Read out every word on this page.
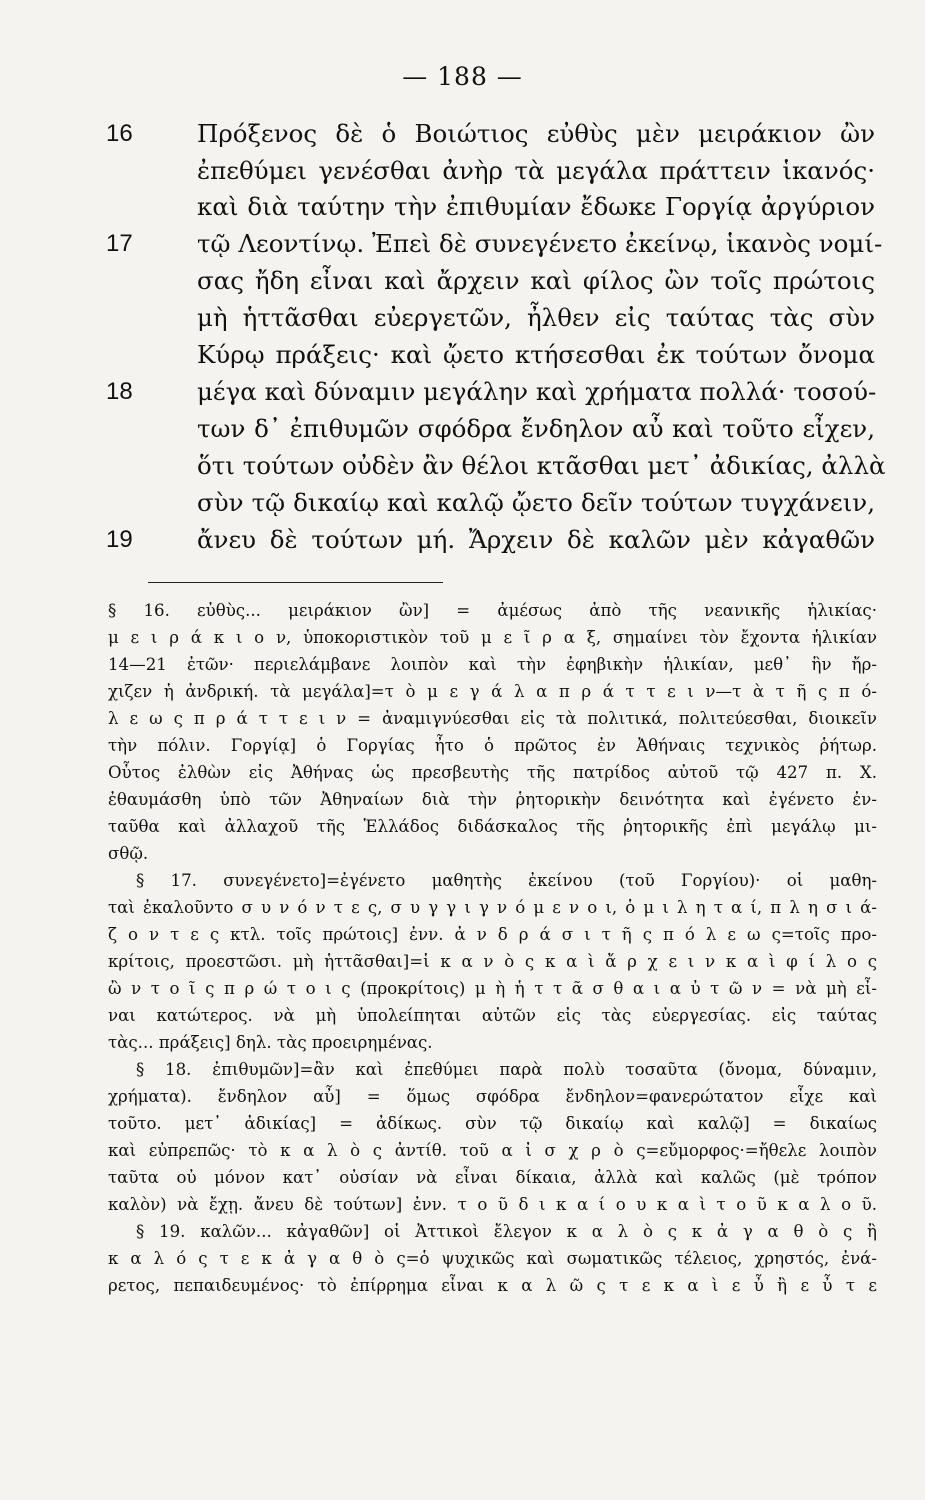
— 188 —
16	Πρόξενος δὲ ὁ Βοιώτιος εὐθὺς μὲν μειράκιον ὢν
ἐπεθύμει γενέσθαι ἀνὴρ τὰ μεγάλα πράττειν ἱκανός·
καὶ διὰ ταύτην τὴν ἐπιθυμίαν ἔδωκε Γοργίᾳ ἀργύριον
17	τῷ Λεοντίνῳ. Ἐπεὶ δὲ συνεγένετο ἐκείνῳ, ἱκανὸς νομί-
σας ἤδη εἶναι καὶ ἄρχειν καὶ φίλος ὢν τοῖς πρώτοις
μὴ ἡττᾶσθαι εὐεργετῶν, ἦλθεν εἰς ταύτας τὰς σὺν
Κύρῳ πράξεις· καὶ ᾤετο κτήσεσθαι ἐκ τούτων ὄνομα
18	μέγα καὶ δύναμιν μεγάλην καὶ χρήματα πολλά· τοσού-
των δ᾽ ἐπιθυμῶν σφόδρα ἔνδηλον αὖ καὶ τοῦτο εἶχεν,
ὅτι τούτων οὐδὲν ἂν θέλοι κτᾶσθαι μετ᾽ ἀδικίας, ἀλλὰ
σὺν τῷ δικαίῳ καὶ καλῷ ᾤετο δεῖν τούτων τυγχάνειν,
19	ἄνευ δὲ τούτων μή. Ἄρχειν δὲ καλῶν μὲν κἀγαθῶν
§ 16. εὐθὺς... μειράκιον ὢν] = ἀμέσως ἀπὸ τῆς νεανικῆς ἡλικίας·
μ ε ι ρ ά κ ι ο ν, ὑποκοριστικὸν τοῦ μ ε ῖ ρ α ξ, σημαίνει τὸν ἔχοντα ἡλικίαν
14—21 ἐτῶν· περιελάμβανε λοιπὸν καὶ τὴν ἐφηβικὴν ἡλικίαν, μεθ᾽ ἣν ἤρ-
χιζεν ἡ ἀνδρική. τὰ μεγάλα]=τ ὸ μ ε γ ά λ α π ρ ά τ τ ε ι ν—τ ὰ τ ῆ ς π ό-
λ ε ω ς π ρ ά τ τ ε ι ν = ἀναμιγνύεσθαι εἰς τὰ πολιτικά, πολιτεύεσθαι, διοικεῖν
τὴν πόλιν. Γοργίᾳ] ὁ Γοργίας ἦτο ὁ πρῶτος ἐν Ἀθήναις τεχνικὸς ῥήτωρ.
Οὗτος ἐλθὼν εἰς Ἀθήνας ὡς πρεσβευτὴς τῆς πατρίδος αὐτοῦ τῷ 427 π. Χ.
ἐθαυμάσθη ὑπὸ τῶν Ἀθηναίων διὰ τὴν ῥητορικὴν δεινότητα καὶ ἐγένετο ἐν-
ταῦθα καὶ ἀλλαχοῦ τῆς Ἑλλάδος διδάσκαλος τῆς ῥητορικῆς ἐπὶ μεγάλῳ μι-
σθῷ.
§ 17. συνεγένετο]=ἐγένετο μαθητὴς ἐκείνου (τοῦ Γοργίου)· οἱ μαθη-
ταὶ ἐκαλοῦντο σ υ ν ό ν τ ε ς, σ υ γ γ ι γ ν ό μ ε ν ο ι, ὁ μ ι λ η τ α ί, π λ η σ ι ά-
ζ ο ν τ ε ς κτλ. τοῖς πρώτοις] ἐνν. ἀ ν δ ρ ά σ ι τ ῆ ς π ό λ ε ω ς=τοῖς προ-
κρίτοις, προεστῶσι. μὴ ἡττᾶσθαι]=ἱ κ α ν ὸ ς κ α ὶ ἄ ρ χ ε ι ν κ α ὶ φ ί λ ο ς
ὢ ν τ ο ῖ ς π ρ ώ τ ο ι ς (προκρίτοις) μ ὴ ἡ τ τ ᾶ σ θ α ι α ὐ τ ῶ ν = νὰ μὴ εἶ-
ναι κατώτερος. νὰ μὴ ὑπολείπηται αὐτῶν εἰς τὰς εὐεργεσίας. εἰς ταύτας
τὰς... πράξεις] δηλ. τὰς προειρημένας.
§ 18. ἐπιθυμῶν]=ἂν καὶ ἐπεθύμει παρὰ πολὺ τοσαῦτα (ὄνομα, δύναμιν,
χρήματα). ἔνδηλον αὖ] = ὅμως σφόδρα ἔνδηλον=φανερώτατον εἶχε καὶ
τοῦτο. μετ᾽ ἀδικίας] = ἀδίκως. σὺν τῷ δικαίῳ καὶ καλῷ] = δικαίως
καὶ εὐπρεπῶς· τὸ κ α λ ὸ ς ἀντίθ. τοῦ α ἰ σ χ ρ ὸ ς=εὔμορφος·=ἤθελε λοιπὸν
ταῦτα οὐ μόνον κατ᾽ οὐσίαν νὰ εἶναι δίκαια, ἀλλὰ καὶ καλῶς (μὲ τρόπον
καλὸν) νὰ ἔχῃ. ἄνευ δὲ τούτων] ἐνν. τ ο ῦ δ ι κ α ί ο υ κ α ὶ τ ο ῦ κ α λ ο ῦ.
§ 19. καλῶν... κἀγαθῶν] οἱ Ἀττικοὶ ἔλεγον κ α λ ὸ ς κ ἀ γ α θ ὸ ς ἢ
κ α λ ό ς τ ε κ ἀ γ α θ ὸ ς=ὁ ψυχικῶς καὶ σωματικῶς τέλειος, χρηστός, ἐνά-
ρετος, πεπαιδευμένος· τὸ ἐπίρρημα εἶναι κ α λ ῶ ς τ ε κ α ὶ ε ὖ ἢ ε ὖ τ ε
